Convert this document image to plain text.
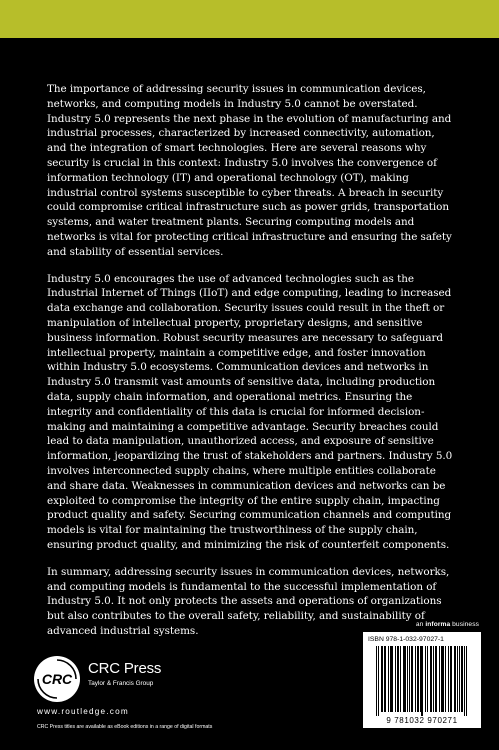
The importance of addressing security issues in communication devices, networks, and computing models in Industry 5.0 cannot be overstated. Industry 5.0 represents the next phase in the evolution of manufacturing and industrial processes, characterized by increased connectivity, automation, and the integration of smart technologies. Here are several reasons why security is crucial in this context: Industry 5.0 involves the convergence of information technology (IT) and operational technology (OT), making industrial control systems susceptible to cyber threats. A breach in security could compromise critical infrastructure such as power grids, transportation systems, and water treatment plants. Securing computing models and networks is vital for protecting critical infrastructure and ensuring the safety and stability of essential services.

Industry 5.0 encourages the use of advanced technologies such as the Industrial Internet of Things (IIoT) and edge computing, leading to increased data exchange and collaboration. Security issues could result in the theft or manipulation of intellectual property, proprietary designs, and sensitive business information. Robust security measures are necessary to safeguard intellectual property, maintain a competitive edge, and foster innovation within Industry 5.0 ecosystems. Communication devices and networks in Industry 5.0 transmit vast amounts of sensitive data, including production data, supply chain information, and operational metrics. Ensuring the integrity and confidentiality of this data is crucial for informed decision-making and maintaining a competitive advantage. Security breaches could lead to data manipulation, unauthorized access, and exposure of sensitive information, jeopardizing the trust of stakeholders and partners. Industry 5.0 involves interconnected supply chains, where multiple entities collaborate and share data. Weaknesses in communication devices and networks can be exploited to compromise the integrity of the entire supply chain, impacting product quality and safety. Securing communication channels and computing models is vital for maintaining the trustworthiness of the supply chain, ensuring product quality, and minimizing the risk of counterfeit components.

In summary, addressing security issues in communication devices, networks, and computing models is fundamental to the successful implementation of Industry 5.0. It not only protects the assets and operations of organizations but also contributes to the overall safety, reliability, and sustainability of advanced industrial systems.

an informa business
CRC
CRC Press
Taylor & Francis Group
www.routledge.com
CRC Press titles are available as eBook editions in a range of digital formats
ISBN 978-1-032-97027-1
9 781032 970271
